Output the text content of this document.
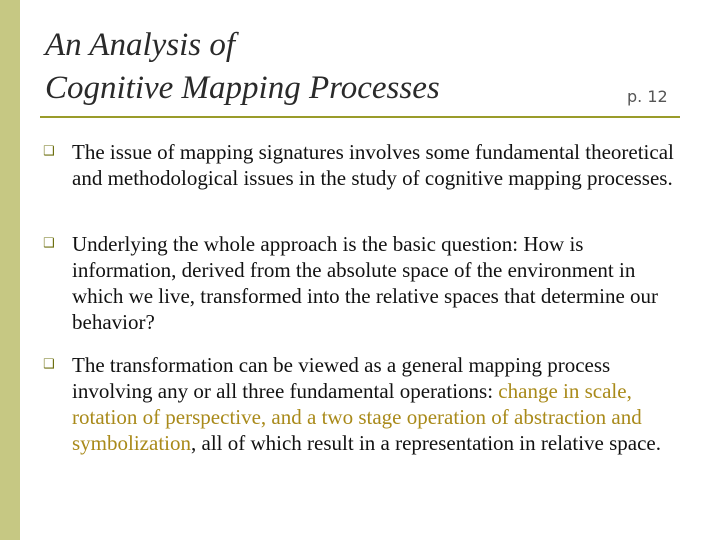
An Analysis of
Cognitive Mapping Processes	p. 12
❑ The issue of mapping signatures involves some fundamental theoretical and methodological issues in the study of cognitive mapping processes.
❑ Underlying the whole approach is the basic question: How is information, derived from the absolute space of the environment in which we live, transformed into the relative spaces that determine our behavior?
❑ The transformation can be viewed as a general mapping process involving any or all three fundamental operations: change in scale, rotation of perspective, and a two stage operation of abstraction and symbolization, all of which result in a representation in relative space.
